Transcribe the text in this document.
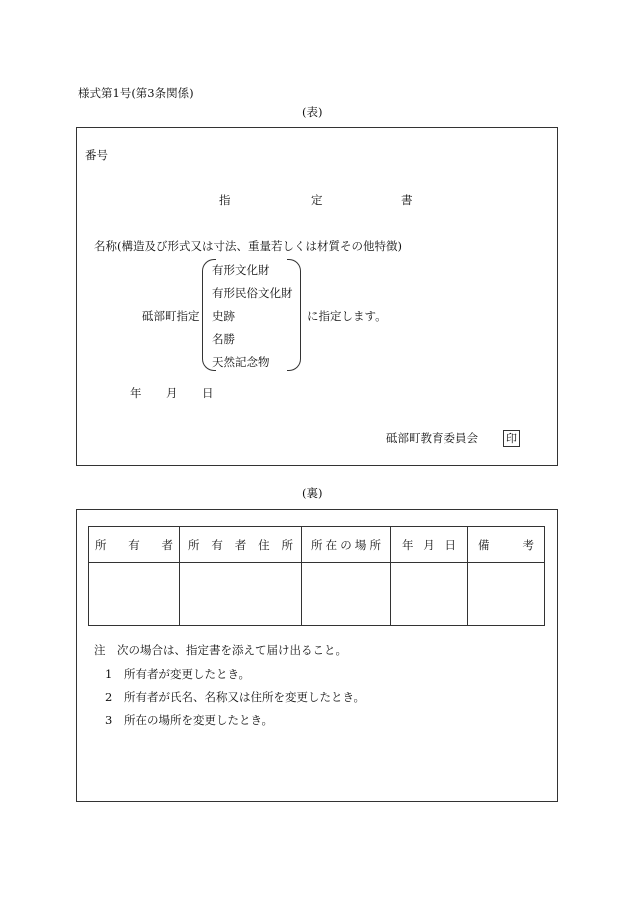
様式第1号(第3条関係)
(表)
番号
指	定	書
名称(構造及び形式又は寸法、重量若しくは材質その他特徴)
有形文化財
有形民俗文化財
砥部町指定 史跡	に指定します。
名勝
天然記念物
年 月 日
砥部町教育委員会	印
(裏)
所有者	所有者住所	所在の場所	年月日	備考

注　次の場合は、指定書を添えて届け出ること。
1 所有者が変更したとき。
2 所有者が氏名、名称又は住所を変更したとき。
3 所在の場所を変更したとき。
